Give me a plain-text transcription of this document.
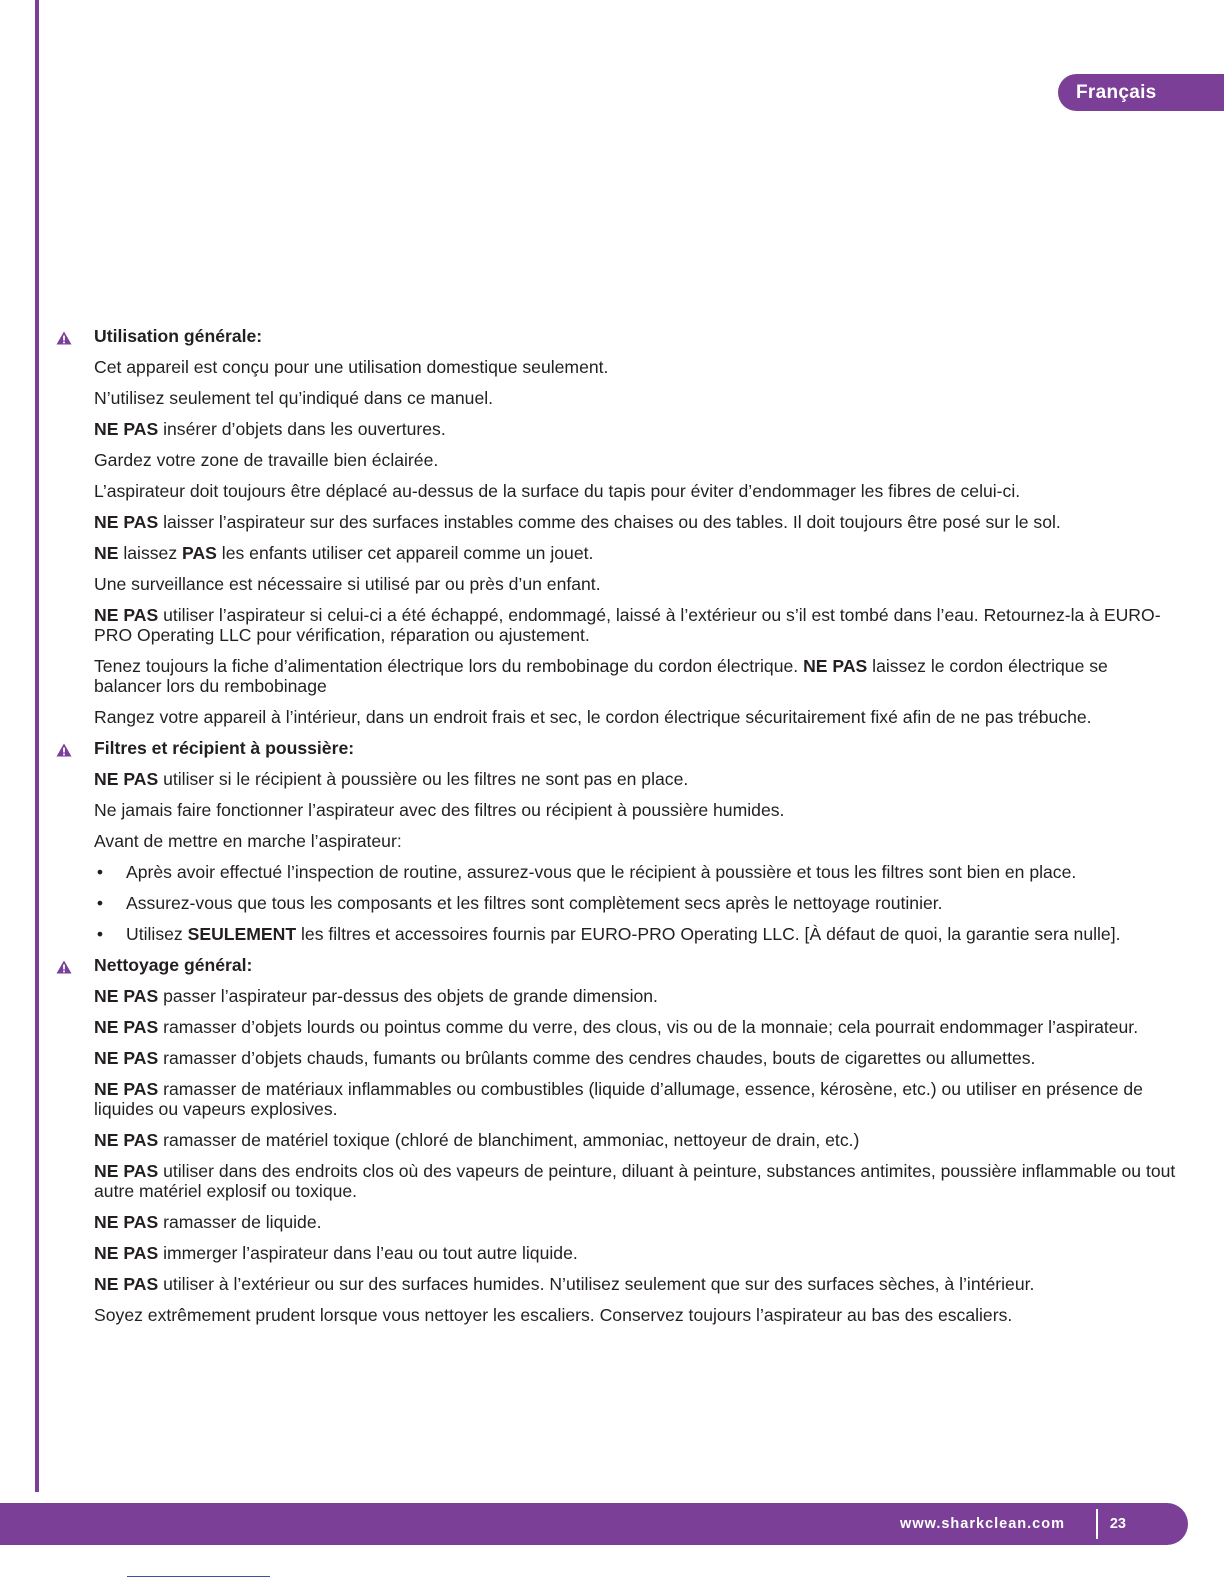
Français
Utilisation générale:
Cet appareil est conçu pour une utilisation domestique seulement.
N’utilisez seulement tel qu’indiqué dans ce manuel.
NE PAS insérer d’objets dans les ouvertures.
Gardez votre zone de travaille bien éclairée.
L’aspirateur doit toujours être déplacé au-dessus de la surface du tapis pour éviter d’endommager les fibres de celui-ci.
NE PAS laisser l’aspirateur sur des surfaces instables comme des chaises ou des tables. Il doit toujours être posé sur le sol.
NE laissez PAS les enfants utiliser cet appareil comme un jouet.
Une surveillance est nécessaire si utilisé par ou près d’un enfant.
NE PAS utiliser l’aspirateur si celui-ci a été échappé, endommagé, laissé à l’extérieur ou s’il est tombé dans l’eau. Retournez-la à EURO-PRO Operating LLC pour vérification, réparation ou ajustement.
Tenez toujours la fiche d’alimentation électrique lors du rembobinage du cordon électrique. NE PAS laissez le cordon électrique se balancer lors du rembobinage
Rangez votre appareil à l’intérieur, dans un endroit frais et sec, le cordon électrique sécuritairement fixé afin de ne pas trébuche.
Filtres et récipient à poussière:
NE PAS utiliser si le récipient à poussière ou les filtres ne sont pas en place.
Ne jamais faire fonctionner l’aspirateur avec des filtres ou récipient à poussière humides.
Avant de mettre en marche l’aspirateur:
• Après avoir effectué l’inspection de routine, assurez-vous que le récipient à poussière et tous les filtres sont bien en place.
• Assurez-vous que tous les composants et les filtres sont complètement secs après le nettoyage routinier.
• Utilisez SEULEMENT les filtres et accessoires fournis par EURO-PRO Operating LLC. [À défaut de quoi, la garantie sera nulle].
Nettoyage général:
NE PAS passer l’aspirateur par-dessus des objets de grande dimension.
NE PAS ramasser d’objets lourds ou pointus comme du verre, des clous, vis ou de la monnaie; cela pourrait endommager l’aspirateur.
NE PAS ramasser d’objets chauds, fumants ou brûlants comme des cendres chaudes, bouts de cigarettes ou allumettes.
NE PAS ramasser de matériaux inflammables ou combustibles (liquide d’allumage, essence, kérosène, etc.) ou utiliser en présence de liquides ou vapeurs explosives.
NE PAS ramasser de matériel toxique (chloré de blanchiment, ammoniac, nettoyeur de drain, etc.)
NE PAS utiliser dans des endroits clos où des vapeurs de peinture, diluant à peinture, substances antimites, poussière inflammable ou tout autre matériel explosif ou toxique.
NE PAS ramasser de liquide.
NE PAS immerger l’aspirateur dans l’eau ou tout autre liquide.
NE PAS utiliser à l’extérieur ou sur des surfaces humides. N’utilisez seulement que sur des surfaces sèches, à l’intérieur.
Soyez extrêmement prudent lorsque vous nettoyer les escaliers. Conservez toujours l’aspirateur au bas des escaliers.
www.sharkclean.com	23
